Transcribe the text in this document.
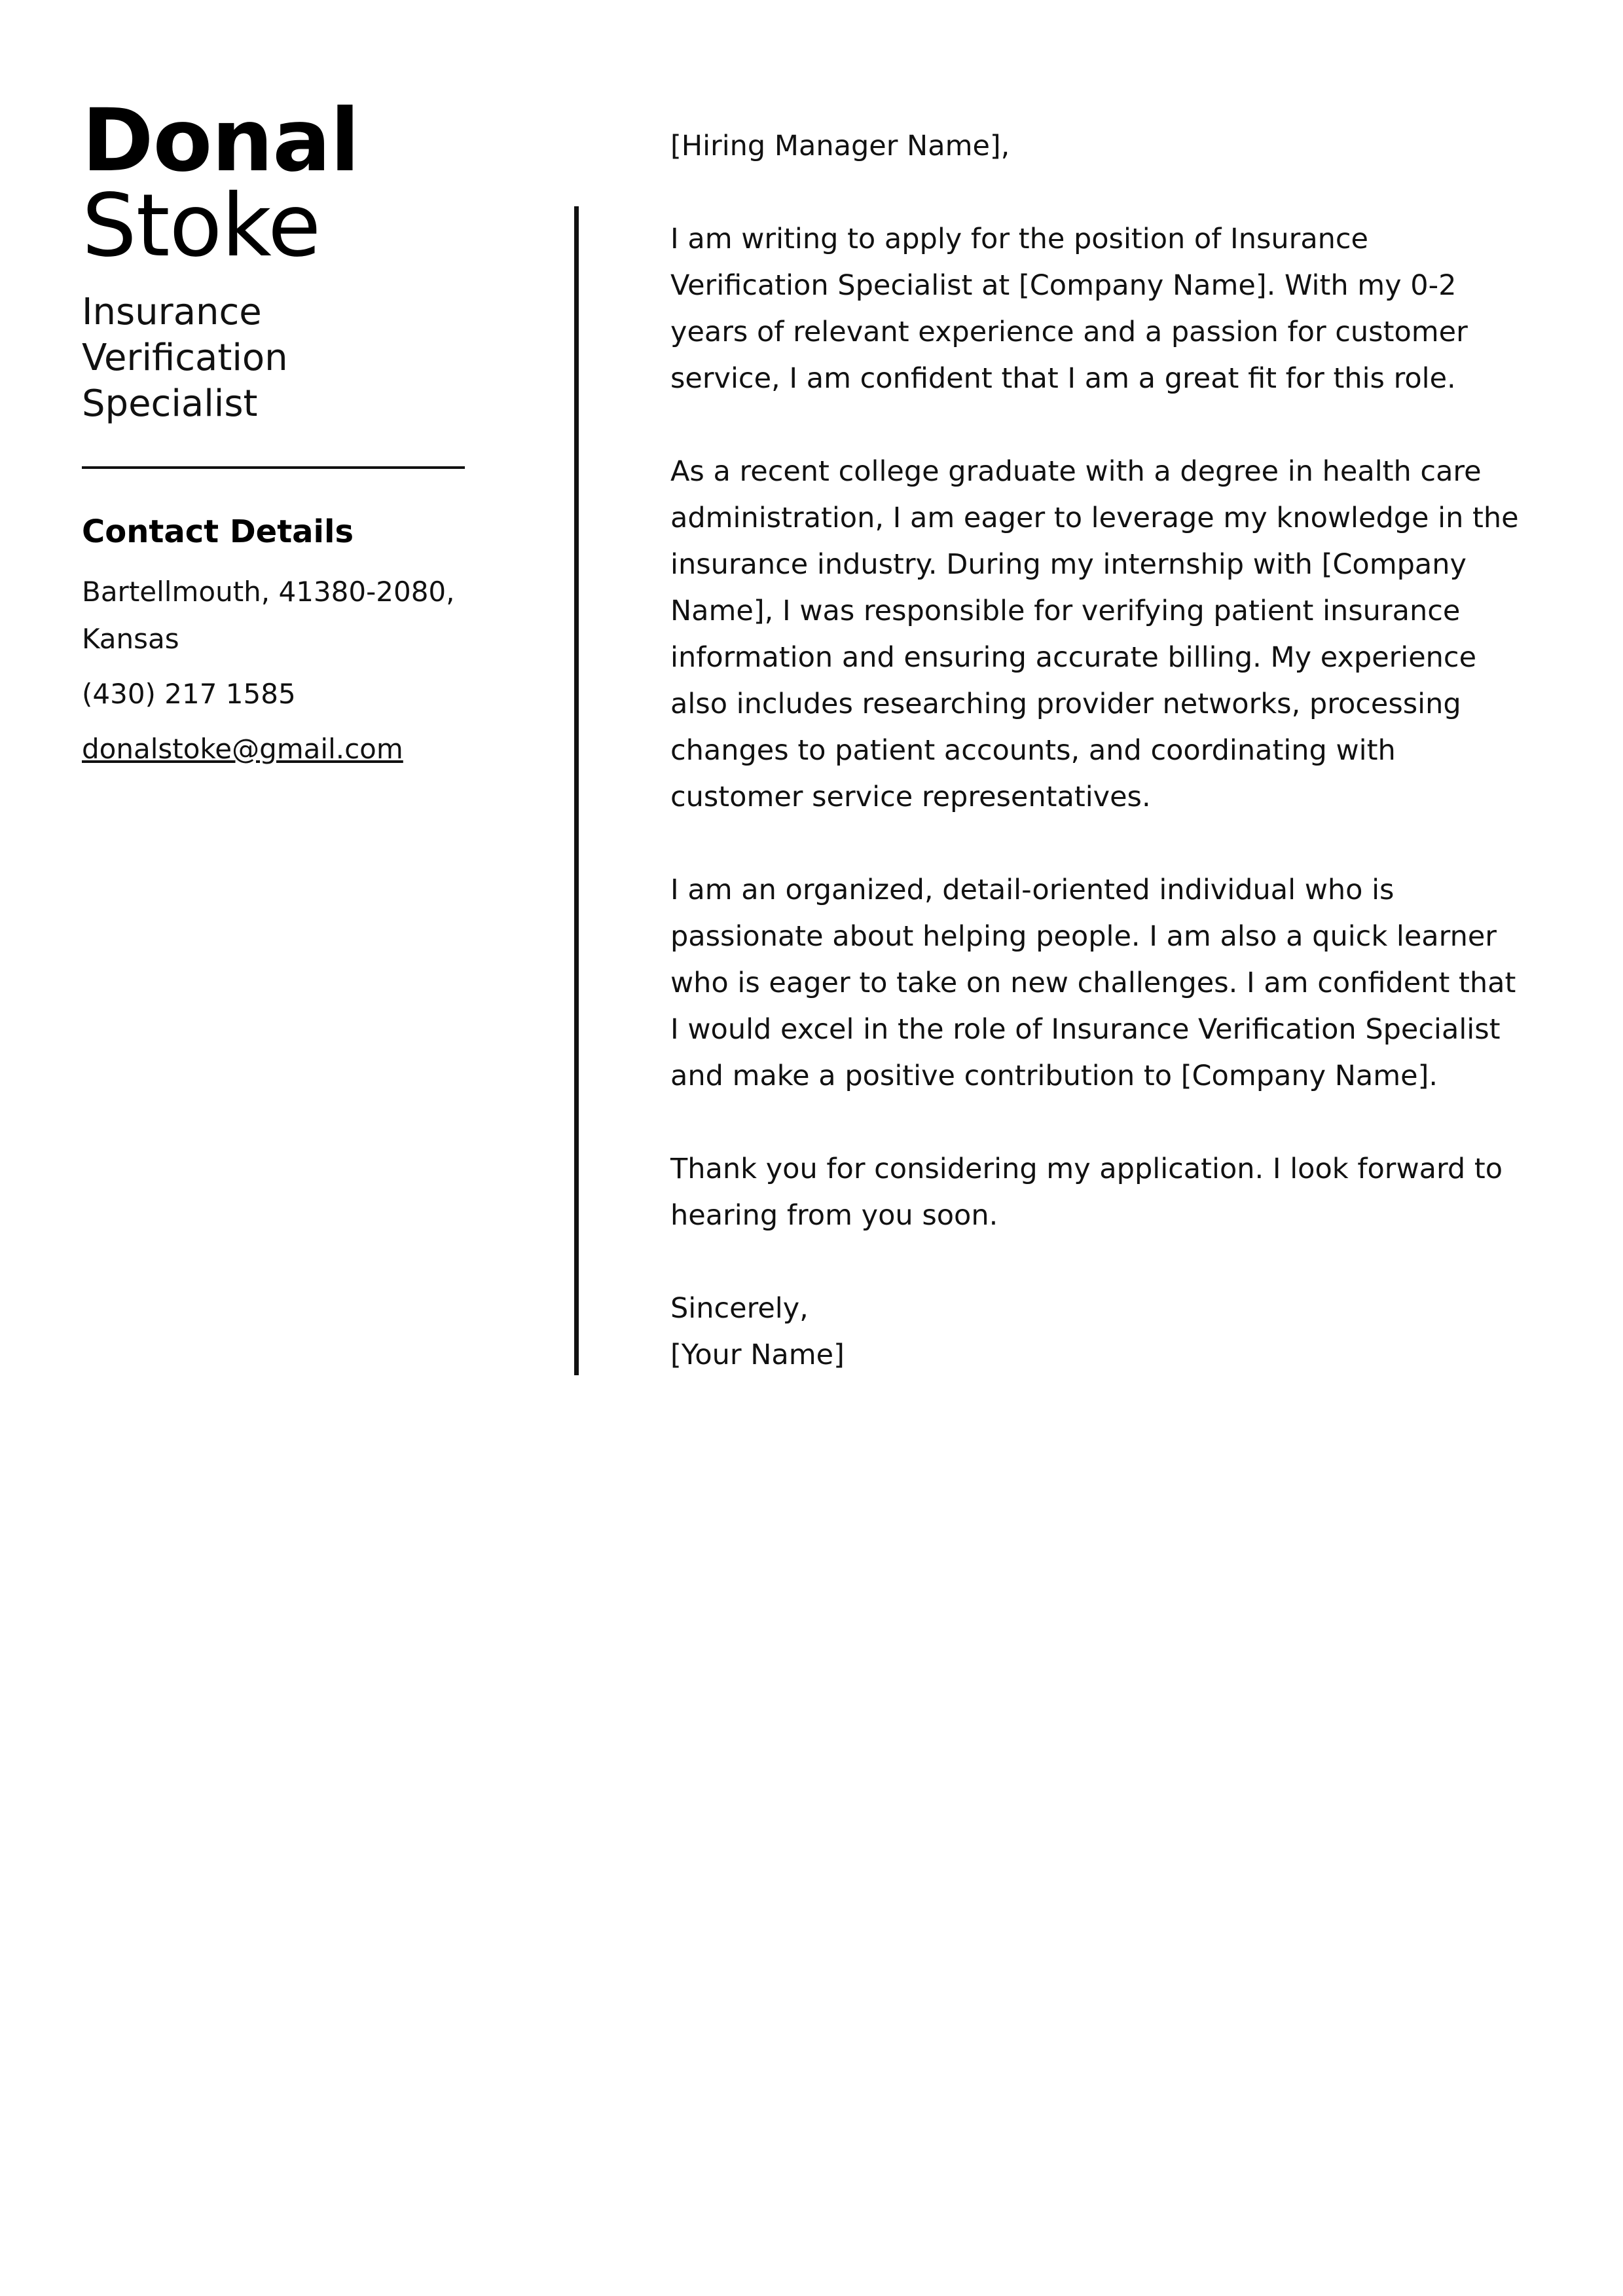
Donal
Stoke
Insurance Verification Specialist
Contact Details
Bartellmouth, 41380-2080, Kansas
(430) 217 1585
donalstoke@gmail.com

[Hiring Manager Name],

I am writing to apply for the position of Insurance Verification Specialist at [Company Name]. With my 0-2 years of relevant experience and a passion for customer service, I am confident that I am a great fit for this role.

As a recent college graduate with a degree in health care administration, I am eager to leverage my knowledge in the insurance industry. During my internship with [Company Name], I was responsible for verifying patient insurance information and ensuring accurate billing. My experience also includes researching provider networks, processing changes to patient accounts, and coordinating with customer service representatives.

I am an organized, detail-oriented individual who is passionate about helping people. I am also a quick learner who is eager to take on new challenges. I am confident that I would excel in the role of Insurance Verification Specialist and make a positive contribution to [Company Name].

Thank you for considering my application. I look forward to hearing from you soon.

Sincerely,

[Your Name]
